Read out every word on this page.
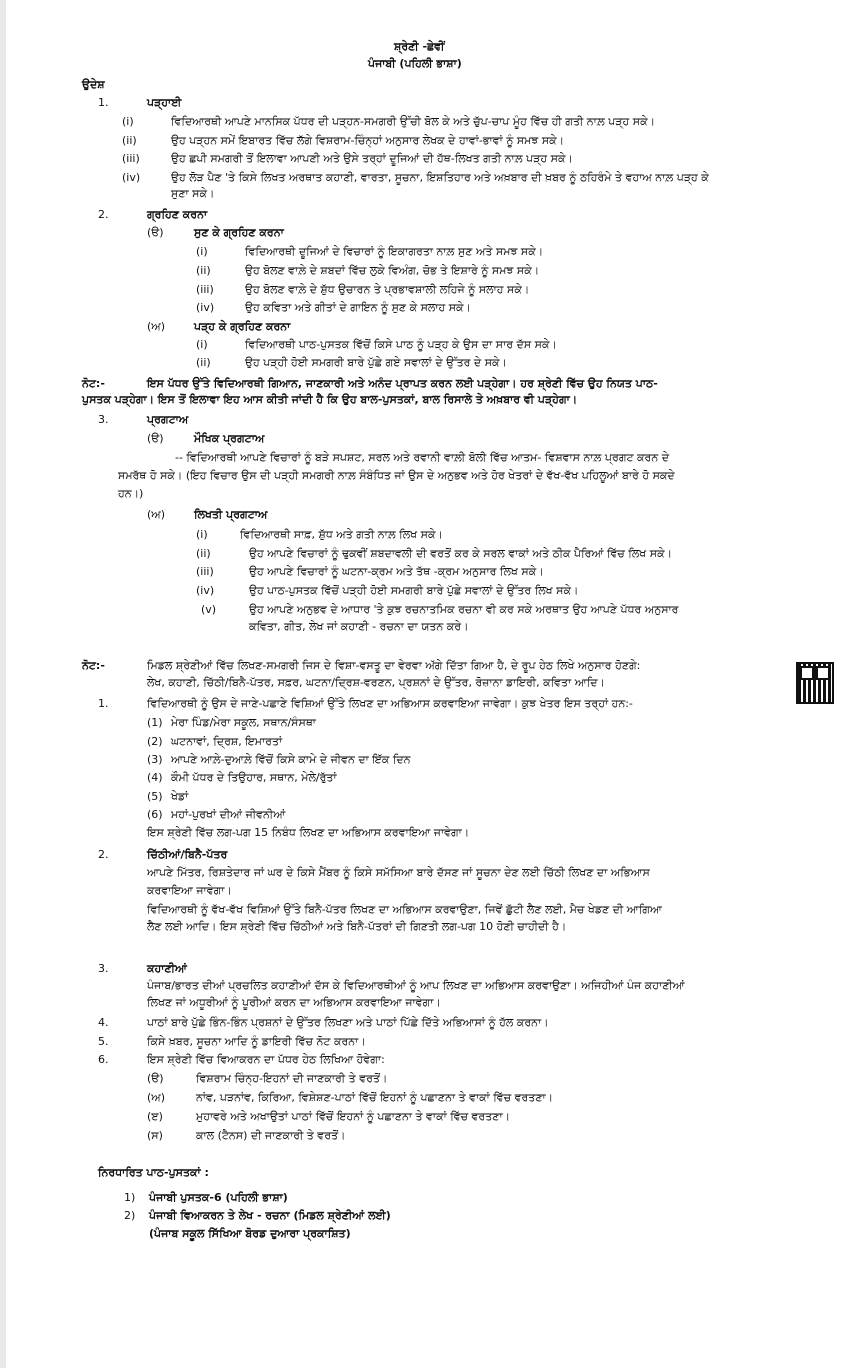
ਸ਼੍ਰੇਣੀ -ਛੇਵੀਂ
ਪੰਜਾਬੀ (ਪਹਿਲੀ ਭਾਸ਼ਾ)
ਉਦੇਸ਼
1.	ਪੜ੍ਹਾਈ
(i)	ਵਿਦਿਆਰਥੀ ਆਪਣੇ ਮਾਨਸਿਕ ਪੱਧਰ ਦੀ ਪੜ੍ਹਨ-ਸਮਗਰੀ ਉੱਚੀ ਬੋਲ ਕੇ ਅਤੇ ਚੁੱਪ-ਚਾਪ ਮੂੰਹ ਵਿੱਚ ਹੀ ਗਤੀ ਨਾਲ਼ ਪੜ੍ਹ ਸਕੇ।
(ii)	ਉਹ ਪੜ੍ਹਨ ਸਮੇਂ ਇਬਾਰਤ ਵਿੱਚ ਲੱਗੇ ਵਿਸ਼ਰਾਮ-ਚਿੰਨ੍ਹਾਂ ਅਨੁਸਾਰ ਲੇਖਕ ਦੇ ਹਾਵਾਂ-ਭਾਵਾਂ ਨੂੰ ਸਮਝ ਸਕੇ।
(iii)	ਉਹ ਛਪੀ ਸਮਗਰੀ ਤੋਂ ਇਲਾਵਾ ਆਪਣੀ ਅਤੇ ਉਸੇ ਤਰ੍ਹਾਂ ਦੂਜਿਆਂ ਦੀ ਹੱਥ-ਲਿਖਤ ਗਤੀ ਨਾਲ਼ ਪੜ੍ਹ ਸਕੇ।
(iv)	ਉਹ ਲੋੜ ਪੈਣ 'ਤੇ ਕਿਸੇ ਲਿਖਤ ਅਰਥਾਤ ਕਹਾਣੀ, ਵਾਰਤਾ, ਸੂਚਨਾ, ਇਸ਼ਤਿਹਾਰ ਅਤੇ ਅਖ਼ਬਾਰ ਦੀ ਖ਼ਬਰ ਨੂੰ ਠਹਿਰੰਮੇ ਤੇ ਵਹਾਅ ਨਾਲ਼ ਪੜ੍ਹ ਕੇ
ਸੁਣਾ ਸਕੇ।
2.	ਗ੍ਰਹਿਣ ਕਰਨਾ
(ੳ)	ਸੁਣ ਕੇ ਗ੍ਰਹਿਣ ਕਰਨਾ
(i)	ਵਿਦਿਆਰਥੀ ਦੂਜਿਆਂ ਦੇ ਵਿਚਾਰਾਂ ਨੂੰ ਇਕਾਗਰਤਾ ਨਾਲ਼ ਸੁਣ ਅਤੇ ਸਮਝ ਸਕੇ।
(ii)	ਉਹ ਬੋਲਣ ਵਾਲ਼ੇ ਦੇ ਸ਼ਬਦਾਂ ਵਿੱਚ ਲੁਕੇ ਵਿਅੰਗ, ਚੋਭ ਤੇ ਇਸ਼ਾਰੇ ਨੂੰ ਸਮਝ ਸਕੇ।
(iii)	ਉਹ ਬੋਲਣ ਵਾਲ਼ੇ ਦੇ ਸ਼ੁੱਧ ਉਚਾਰਨ ਤੇ ਪ੍ਰਭਾਵਸ਼ਾਲੀ ਲਹਿਜੇ ਨੂੰ ਸਲਾਹ ਸਕੇ।
(iv)	ਉਹ ਕਵਿਤਾ ਅਤੇ ਗੀਤਾਂ ਦੇ ਗਾਇਨ ਨੂੰ ਸੁਣ ਕੇ ਸਲਾਹ ਸਕੇ।
(ਅ)	ਪੜ੍ਹ ਕੇ ਗ੍ਰਹਿਣ ਕਰਨਾ
(i)	ਵਿਦਿਆਰਥੀ ਪਾਠ-ਪੁਸਤਕ ਵਿੱਚੋਂ ਕਿਸੇ ਪਾਠ ਨੂੰ ਪੜ੍ਹ ਕੇ ਉਸ ਦਾ ਸਾਰ ਦੱਸ ਸਕੇ।
(ii)	ਉਹ ਪੜ੍ਹੀ ਹੋਈ ਸਮਗਰੀ ਬਾਰੇ ਪੁੱਛੇ ਗਏ ਸਵਾਲਾਂ ਦੇ ਉੱਤਰ ਦੇ ਸਕੇ।
ਨੋਟ:-	ਇਸ ਪੱਧਰ ਉੱਤੇ ਵਿਦਿਆਰਥੀ ਗਿਆਨ, ਜਾਣਕਾਰੀ ਅਤੇ ਅਨੰਦ ਪ੍ਰਾਪਤ ਕਰਨ ਲਈ ਪੜ੍ਹੇਗਾ। ਹਰ ਸ਼੍ਰੇਣੀ ਵਿੱਚ ਉਹ ਨਿਯਤ ਪਾਠ-
ਪੁਸਤਕ ਪੜ੍ਹੇਗਾ। ਇਸ ਤੋਂ ਇਲਾਵਾ ਇਹ ਆਸ ਕੀਤੀ ਜਾਂਦੀ ਹੈ ਕਿ ਉਹ ਬਾਲ-ਪੁਸਤਕਾਂ, ਬਾਲ ਰਿਸਾਲੇ ਤੇ ਅਖ਼ਬਾਰ ਵੀ ਪੜ੍ਹੇਗਾ।
3.	ਪ੍ਰਗਟਾਅ
(ੳ)	ਮੌਖਿਕ ਪ੍ਰਗਟਾਅ
-- ਵਿਦਿਆਰਥੀ ਆਪਣੇ ਵਿਚਾਰਾਂ ਨੂੰ ਬੜੇ ਸਪਸ਼ਟ, ਸਰਲ ਅਤੇ ਰਵਾਨੀ ਵਾਲ਼ੀ ਬੋਲੀ ਵਿੱਚ ਆਤਮ- ਵਿਸ਼ਵਾਸ ਨਾਲ਼ ਪ੍ਰਗਟ ਕਰਨ ਦੇ
ਸਮਰੱਥ ਹੋ ਸਕੇ। (ਇਹ ਵਿਚਾਰ ਉਸ ਦੀ ਪੜ੍ਹੀ ਸਮਗਰੀ ਨਾਲ਼ ਸੰਬੰਧਿਤ ਜਾਂ ਉਸ ਦੇ ਅਨੁਭਵ ਅਤੇ ਹੋਰ ਖੇਤਰਾਂ ਦੇ ਵੱਖ-ਵੱਖ ਪਹਿਲੂਆਂ ਬਾਰੇ ਹੋ ਸਕਦੇ
ਹਨ।)
(ਅ)	ਲਿਖਤੀ ਪ੍ਰਗਟਾਅ
(i)	ਵਿਦਿਆਰਥੀ ਸਾਫ਼, ਸ਼ੁੱਧ ਅਤੇ ਗਤੀ ਨਾਲ਼ ਲਿਖ ਸਕੇ।
(ii)	ਉਹ ਆਪਣੇ ਵਿਚਾਰਾਂ ਨੂੰ ਢੁਕਵੀਂ ਸ਼ਬਦਾਵਲੀ ਦੀ ਵਰਤੋਂ ਕਰ ਕੇ ਸਰਲ ਵਾਕਾਂ ਅਤੇ ਠੀਕ ਪੈਰਿਆਂ ਵਿੱਚ ਲਿਖ ਸਕੇ।
(iii)	ਉਹ ਆਪਣੇ ਵਿਚਾਰਾਂ ਨੂੰ ਘਟਨਾ-ਕ੍ਰਮ ਅਤੇ ਤੱਥ -ਕ੍ਰਮ ਅਨੁਸਾਰ ਲਿਖ ਸਕੇ।
(iv)	ਉਹ ਪਾਠ-ਪੁਸਤਕ ਵਿੱਚੋਂ ਪੜ੍ਹੀ ਹੋਈ ਸਮਗਰੀ ਬਾਰੇ ਪੁੱਛੇ ਸਵਾਲਾਂ ਦੇ ਉੱਤਰ ਲਿਖ ਸਕੇ।
(v)	ਉਹ ਆਪਣੇ ਅਨੁਭਵ ਦੇ ਆਧਾਰ 'ਤੇ ਕੁਝ ਰਚਨਾਤਮਿਕ ਰਚਨਾ ਵੀ ਕਰ ਸਕੇ ਅਰਥਾਤ ਉਹ ਆਪਣੇ ਪੱਧਰ ਅਨੁਸਾਰ
ਕਵਿਤਾ, ਗੀਤ, ਲੇਖ ਜਾਂ ਕਹਾਣੀ - ਰਚਨਾ ਦਾ ਯਤਨ ਕਰੇ।
ਨੋਟ:-	ਮਿਡਲ ਸ਼੍ਰੇਣੀਆਂ ਵਿੱਚ ਲਿਖਣ-ਸਮਗਰੀ ਜਿਸ ਦੇ ਵਿਸ਼ਾ-ਵਸਤੂ ਦਾ ਵੇਰਵਾ ਅੱਗੇ ਦਿੱਤਾ ਗਿਆ ਹੈ, ਦੇ ਰੂਪ ਹੇਠ ਲਿਖੇ ਅਨੁਸਾਰ ਹੋਣਗੇ:
ਲੇਖ, ਕਹਾਣੀ, ਚਿੱਠੀ/ਬਿਨੈ-ਪੱਤਰ, ਸਫ਼ਰ, ਘਟਨਾ/ਦ੍ਰਿਸ਼-ਵਰਣਨ, ਪ੍ਰਸ਼ਨਾਂ ਦੇ ਉੱਤਰ, ਰੋਜ਼ਾਨਾ ਡਾਇਰੀ, ਕਵਿਤਾ ਆਦਿ।
1.	ਵਿਦਿਆਰਥੀ ਨੂੰ ਉਸ ਦੇ ਜਾਣੇ-ਪਛਾਣੇ ਵਿਸ਼ਿਆਂ ਉੱਤੇ ਲਿਖਣ ਦਾ ਅਭਿਆਸ ਕਰਵਾਇਆ ਜਾਵੇਗਾ। ਕੁਝ ਖੇਤਰ ਇਸ ਤਰ੍ਹਾਂ ਹਨ:-
(1) ਮੇਰਾ ਪਿੰਡ/ਮੇਰਾ ਸਕੂਲ, ਸਥਾਨ/ਸੰਸਥਾ
(2) ਘਟਨਾਵਾਂ, ਦ੍ਰਿਸ਼, ਇਮਾਰਤਾਂ
(3) ਆਪਣੇ ਆਲ਼ੇ-ਦੁਆਲ਼ੇ ਵਿੱਚੋਂ ਕਿਸੇ ਕਾਮੇ ਦੇ ਜੀਵਨ ਦਾ ਇੱਕ ਦਿਨ
(4) ਕੌਮੀ ਪੱਧਰ ਦੇ ਤਿਉਹਾਰ, ਸਥਾਨ, ਮੇਲੇ/ਰੁੱਤਾਂ
(5) ਖੇਡਾਂ
(6) ਮਹਾਂ-ਪੁਰਖਾਂ ਦੀਆਂ ਜੀਵਨੀਆਂ
ਇਸ ਸ਼੍ਰੇਣੀ ਵਿੱਚ ਲਗ-ਪਗ 15 ਨਿਬੰਧ ਲਿਖਣ ਦਾ ਅਭਿਆਸ ਕਰਵਾਇਆ ਜਾਵੇਗਾ।
2.	ਚਿੱਠੀਆਂ/ਬਿਨੈ-ਪੱਤਰ
ਆਪਣੇ ਮਿੱਤਰ, ਰਿਸ਼ਤੇਦਾਰ ਜਾਂ ਘਰ ਦੇ ਕਿਸੇ ਮੈਂਬਰ ਨੂੰ ਕਿਸੇ ਸਮੱਸਿਆ ਬਾਰੇ ਦੱਸਣ ਜਾਂ ਸੂਚਨਾ ਦੇਣ ਲਈ ਚਿੱਠੀ ਲਿਖਣ ਦਾ ਅਭਿਆਸ
ਕਰਵਾਇਆ ਜਾਵੇਗਾ।
ਵਿਦਿਆਰਥੀ ਨੂੰ ਵੱਖ-ਵੱਖ ਵਿਸ਼ਿਆਂ ਉੱਤੇ ਬਿਨੈ-ਪੱਤਰ ਲਿਖਣ ਦਾ ਅਭਿਆਸ ਕਰਵਾਉਣਾ, ਜਿਵੇਂ ਛੁੱਟੀ ਲੈਣ ਲਈ, ਮੈਚ ਖੇਡਣ ਦੀ ਆਗਿਆ
ਲੈਣ ਲਈ ਆਦਿ। ਇਸ ਸ਼੍ਰੇਣੀ ਵਿੱਚ ਚਿੱਠੀਆਂ ਅਤੇ ਬਿਨੈ-ਪੱਤਰਾਂ ਦੀ ਗਿਣਤੀ ਲਗ-ਪਗ 10 ਹੋਣੀ ਚਾਹੀਦੀ ਹੈ।
3.	ਕਹਾਣੀਆਂ
ਪੰਜਾਬ/ਭਾਰਤ ਦੀਆਂ ਪ੍ਰਚਲਿਤ ਕਹਾਣੀਆਂ ਦੱਸ ਕੇ ਵਿਦਿਆਰਥੀਆਂ ਨੂੰ ਆਪ ਲਿਖਣ ਦਾ ਅਭਿਆਸ ਕਰਵਾਉਣਾ। ਅਜਿਹੀਆਂ ਪੰਜ ਕਹਾਣੀਆਂ
ਲਿਖਣ ਜਾਂ ਅਧੂਰੀਆਂ ਨੂੰ ਪੂਰੀਆਂ ਕਰਨ ਦਾ ਅਭਿਆਸ ਕਰਵਾਇਆ ਜਾਵੇਗਾ।
4.	ਪਾਠਾਂ ਬਾਰੇ ਪੁੱਛੇ ਭਿੰਨ-ਭਿੰਨ ਪ੍ਰਸ਼ਨਾਂ ਦੇ ਉੱਤਰ ਲਿਖਣਾ ਅਤੇ ਪਾਠਾਂ ਪਿੱਛੇ ਦਿੱਤੇ ਅਭਿਆਸਾਂ ਨੂੰ ਹੱਲ ਕਰਨਾ।
5.	ਕਿਸੇ ਖ਼ਬਰ, ਸੂਚਨਾ ਆਦਿ ਨੂੰ ਡਾਇਰੀ ਵਿੱਚ ਨੋਟ ਕਰਨਾ।
6.	ਇਸ ਸ਼੍ਰੇਣੀ ਵਿੱਚ ਵਿਆਕਰਨ ਦਾ ਪੱਧਰ ਹੇਠ ਲਿਖਿਆ ਹੋਵੇਗਾ:
(ੳ)	ਵਿਸ਼ਰਾਮ ਚਿੰਨ੍ਹ-ਇਹਨਾਂ ਦੀ ਜਾਣਕਾਰੀ ਤੇ ਵਰਤੋਂ।
(ਅ)	ਨਾਂਵ, ਪੜਨਾਂਵ, ਕਿਰਿਆ, ਵਿਸ਼ੇਸ਼ਣ-ਪਾਠਾਂ ਵਿੱਚੋਂ ਇਹਨਾਂ ਨੂੰ ਪਛਾਣਨਾ ਤੇ ਵਾਕਾਂ ਵਿੱਚ ਵਰਤਣਾ।
(ੲ)	ਮੁਹਾਵਰੇ ਅਤੇ ਅਖਾਉਤਾਂ ਪਾਠਾਂ ਵਿੱਚੋਂ ਇਹਨਾਂ ਨੂੰ ਪਛਾਣਨਾ ਤੇ ਵਾਕਾਂ ਵਿੱਚ ਵਰਤਣਾ।
(ਸ)	ਕਾਲ (ਟੈਨਸ) ਦੀ ਜਾਣਕਾਰੀ ਤੇ ਵਰਤੋਂ।
ਨਿਰਧਾਰਿਤ ਪਾਠ-ਪੁਸਤਕਾਂ :
1) ਪੰਜਾਬੀ ਪੁਸਤਕ-6 (ਪਹਿਲੀ ਭਾਸ਼ਾ)
2) ਪੰਜਾਬੀ ਵਿਆਕਰਨ ਤੇ ਲੇਖ - ਰਚਨਾ (ਮਿਡਲ ਸ਼੍ਰੇਣੀਆਂ ਲਈ)
(ਪੰਜਾਬ ਸਕੂਲ ਸਿੱਖਿਆ ਬੋਰਡ ਦੁਆਰਾ ਪ੍ਰਕਾਸ਼ਿਤ)
